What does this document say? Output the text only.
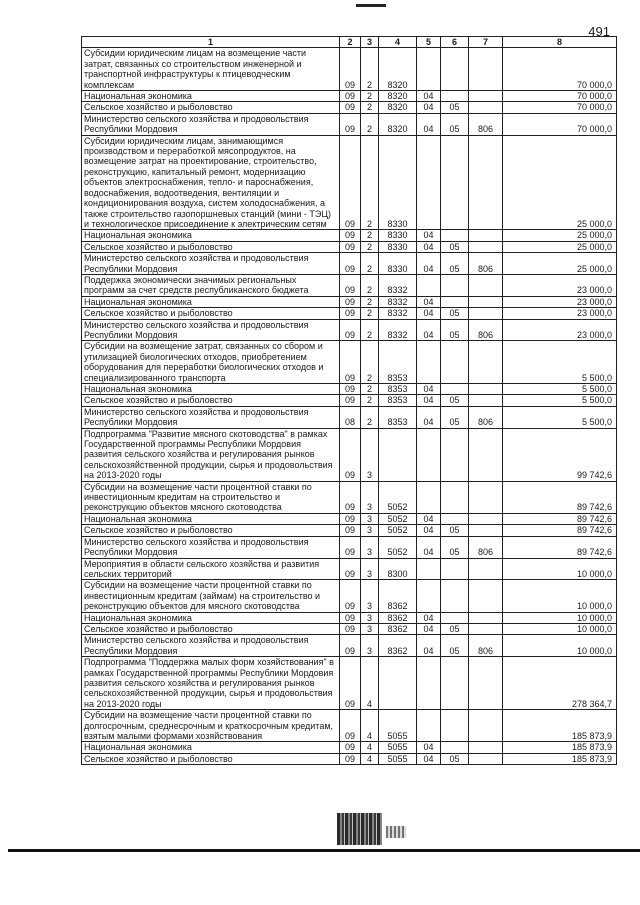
491
1	2	3	4	5	6	7	8
Субсидии юридическим лицам на возмещение части затрат, связанных со строительством инженерной и транспортной инфраструктуры к птицеводческим комплексам	09	2	8320				70 000,0
Национальная экономика	09	2	8320	04			70 000,0
Сельское хозяйство и рыболовство	09	2	8320	04	05		70 000,0
Министерство сельского хозяйства и продовольствия Республики Мордовия	09	2	8320	04	05	806	70 000,0
Субсидии юридическим лицам, занимающимся производством и переработкой мясопродуктов, на возмещение затрат на проектирование, строительство, реконструкцию, капитальный ремонт, модернизацию объектов электроснабжения, тепло- и пароснабжения, водоснабжения, водоотведения, вентиляции и кондиционирования воздуха, систем холодоснабжения, а также строительство газопоршневых станций (мини - ТЭЦ) и технологическое присоединение к электрическим сетям	09	2	8330				25 000,0
Национальная экономика	09	2	8330	04			25 000,0
Сельское хозяйство и рыболовство	09	2	8330	04	05		25 000,0
Министерство сельского хозяйства и продовольствия Республики Мордовия	09	2	8330	04	05	806	25 000,0
Поддержка экономически значимых региональных программ за счет средств республиканского бюджета	09	2	8332				23 000,0
Национальная экономика	09	2	8332	04			23 000,0
Сельское хозяйство и рыболовство	09	2	8332	04	05		23 000,0
Министерство сельского хозяйства и продовольствия Республики Мордовия	09	2	8332	04	05	806	23 000,0
Субсидии на возмещение затрат, связанных со сбором и утилизацией биологических отходов, приобретением оборудования для переработки биологических отходов и специализированного транспорта	09	2	8353				5 500,0
Национальная экономика	09	2	8353	04			5 500,0
Сельское хозяйство и рыболовство	09	2	8353	04	05		5 500,0
Министерство сельского хозяйства и продовольствия Республики Мордовия	08	2	8353	04	05	806	5 500,0
Подпрограмма "Развитие мясного скотоводства" в рамках Государственной программы Республики Мордовия развития сельского хозяйства и регулирования рынков сельскохозяйственной продукции, сырья и продовольствия на 2013-2020 годы	09	3					99 742,6
Субсидии на возмещение части процентной ставки по инвестиционным кредитам на строительство и реконструкцию объектов мясного скотоводства	09	3	5052				89 742,6
Национальная экономика	09	3	5052	04			89 742,6
Сельское хозяйство и рыболовство	09	3	5052	04	05		89 742,6
Министерство сельского хозяйства и продовольствия Республики Мордовия	09	3	5052	04	05	806	89 742,6
Мероприятия в области сельского хозяйства и развития сельских территорий	09	3	8300				10 000,0
Субсидии на возмещение части процентной ставки по инвестиционным кредитам (займам) на строительство и реконструкцию объектов для мясного скотоводства	09	3	8362				10 000,0
Национальная экономика	09	3	8362	04			10 000,0
Сельское хозяйство и рыболовство	09	3	8362	04	05		10 000,0
Министерство сельского хозяйства и продовольствия Республики Мордовия	09	3	8362	04	05	806	10 000,0
Подпрограмма "Поддержка малых форм хозяйствования" в рамках Государственной программы Республики Мордовия развития сельского хозяйства и регулирования рынков сельскохозяйственной продукции, сырья и продовольствия на 2013-2020 годы	09	4					278 364,7
Субсидии на возмещение части процентной ставки по долгосрочным, среднесрочным и краткосрочным кредитам, взятым малыми формами хозяйствования	09	4	5055				185 873,9
Национальная экономика	09	4	5055	04			185 873,9
Сельское хозяйство и рыболовство	09	4	5055	04	05		185 873,9
